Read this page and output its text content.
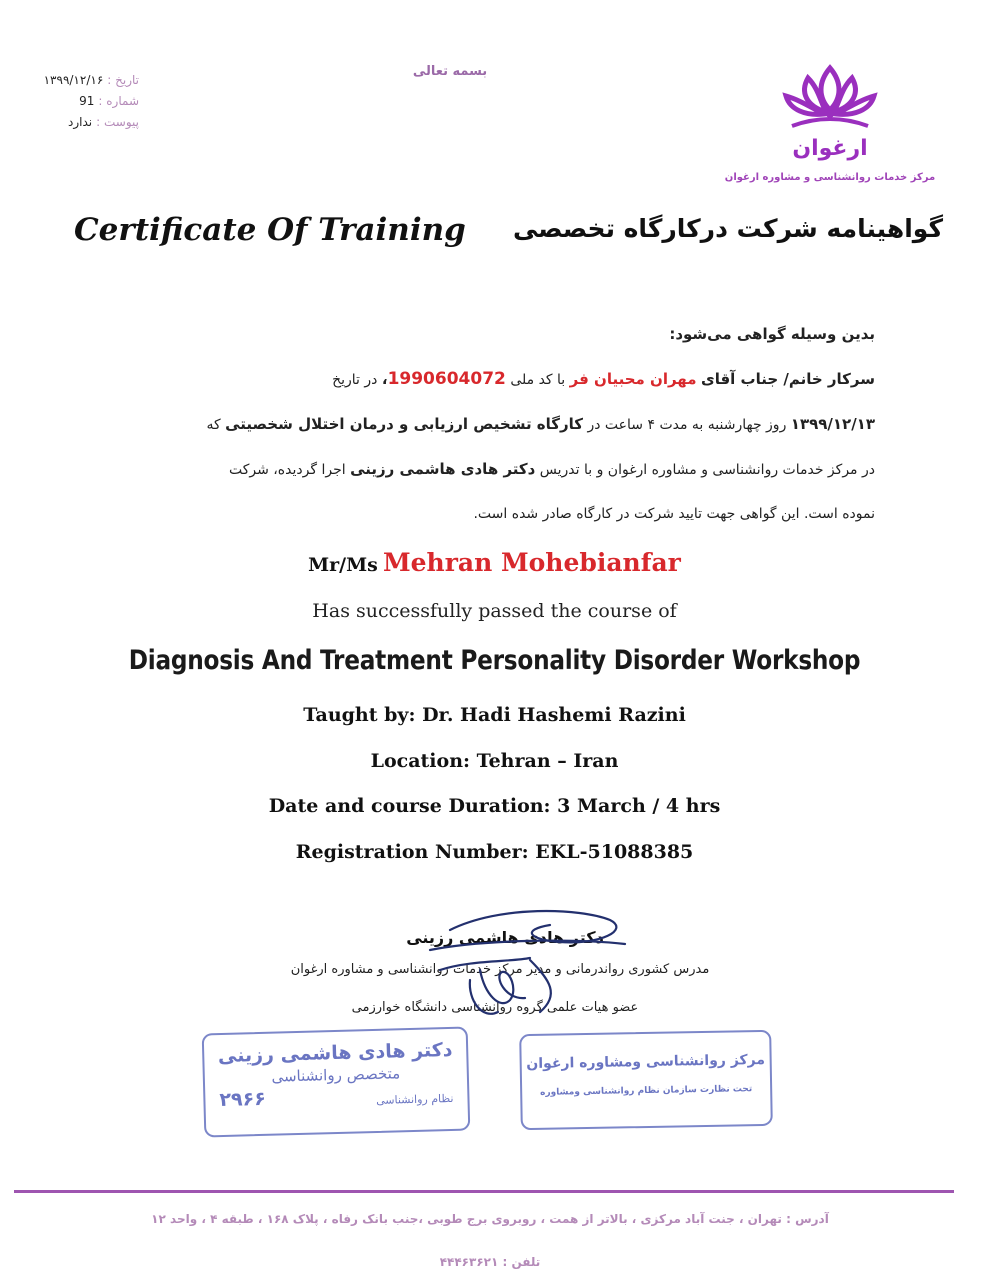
تاریخ :
۱۳۹۹/۱۲/۱۶
شماره :
91
پیوست :
ندارد
بسمه تعالی
ارغوان
مرکز خدمات روانشناسی و مشاوره ارغوان
Certificate Of Training گواهینامه شرکت درکارگاه تخصصی
بدین وسیله گواهی می‌شود:
سرکار خانم/ جناب آقای مهران محبیان فر با کد ملی 1990604072، در تاریخ
۱۳۹۹/۱۲/۱۳ روز چهارشنبه به مدت ۴ ساعت در کارگاه تشخیص ارزیابی و درمان اختلال شخصیتی که
در مرکز خدمات روانشناسی و مشاوره ارغوان و با تدریس دکتر هادی هاشمی رزینی اجرا گردیده، شرکت
نموده است. این گواهی جهت تایید شرکت در کارگاه صادر شده است.
Mr/Ms Mehran Mohebianfar
Has successfully passed the course of
Diagnosis And Treatment Personality Disorder Workshop
Taught by: Dr. Hadi Hashemi Razini
Location: Tehran – Iran
Date and course Duration: 3 March / 4 hrs
Registration Number: EKL-51088385
دکتر هادی هاشمی رزینی
مدرس کشوری رواندرمانی و مدیر مرکز خدمات روانشناسی و مشاوره ارغوان
عضو هیات علمی گروه روانشناسی دانشگاه خوارزمی
دکتر هادی هاشمی رزینی
متخصص روانشناسی
نظام روانشناسی
۲۹۶۶
مرکز روانشناسی ومشاوره ارغوان
تحت نظارت سازمان نظام روانشناسی ومشاوره
آدرس : تهران ، جنت آباد مرکزی ، بالاتر از همت ، روبروی برج طوبی ،جنب بانک رفاه ، پلاک ۱۶۸ ، طبقه ۴ ، واحد ۱۲
تلفن : ۴۴۴۶۳۶۲۱
